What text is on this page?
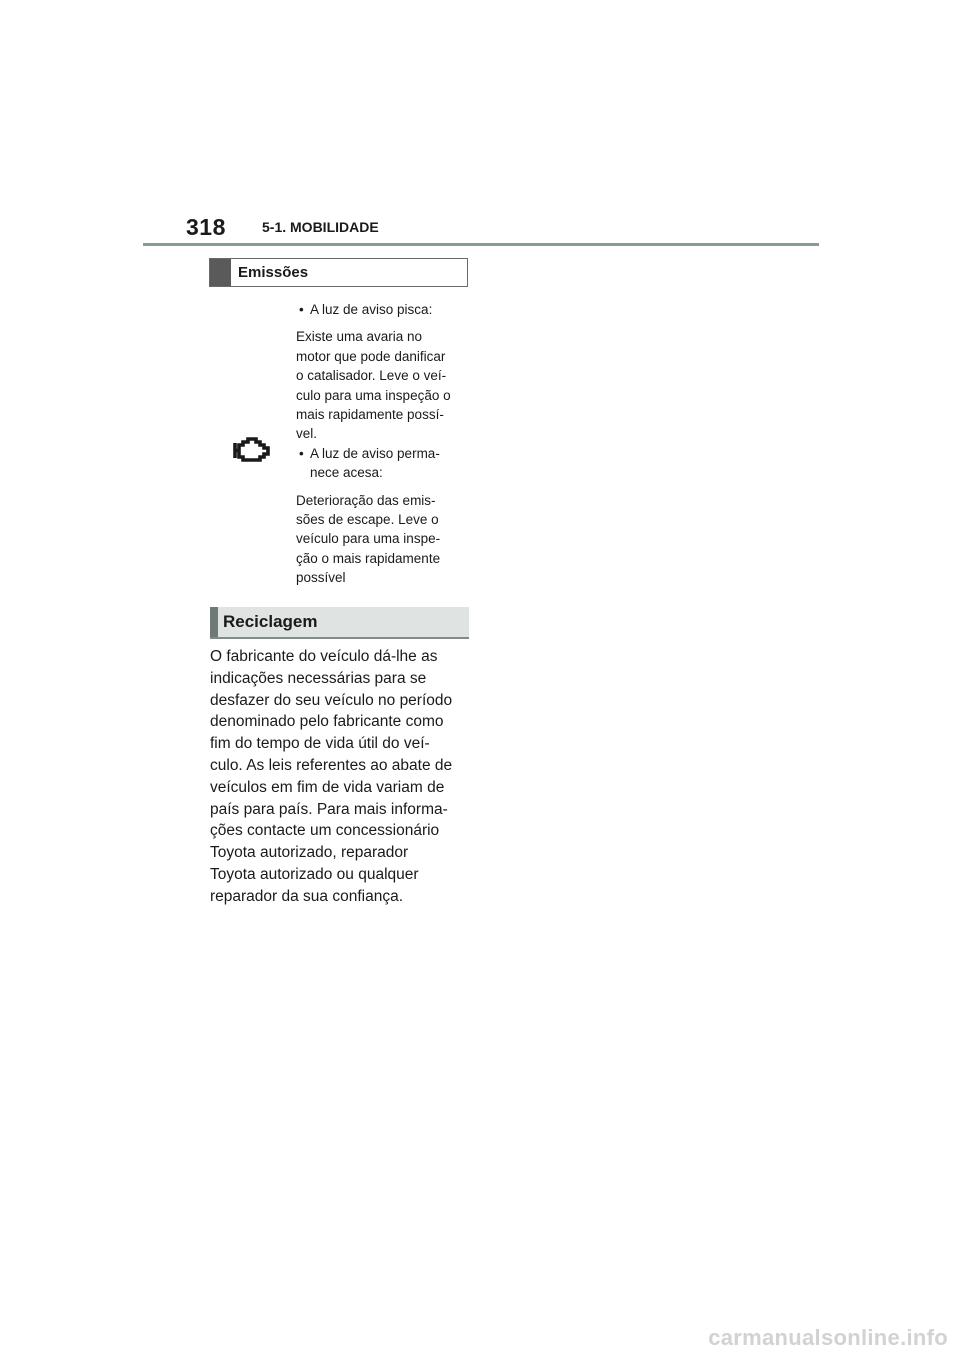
318	5-1. MOBILIDADE
Emissões

• A luz de aviso pisca:

Existe uma avaria no

motor que pode danificar

o catalisador. Leve o veí-

culo para uma inspeção o

mais rapidamente possí-

vel.

• A luz de aviso perma-

nece acesa:

Deterioração das emis-

sões de escape. Leve o

veículo para uma inspe-

ção o mais rapidamente

possível

Reciclagem
O fabricante do veículo dá-lhe as
indicações necessárias para se
desfazer do seu veículo no período
denominado pelo fabricante como
fim do tempo de vida útil do veí-
culo. As leis referentes ao abate de
veículos em fim de vida variam de
país para país. Para mais informa-
ções contacte um concessionário
Toyota autorizado, reparador
Toyota autorizado ou qualquer
reparador da sua confiança.
carmanualsonline.info
